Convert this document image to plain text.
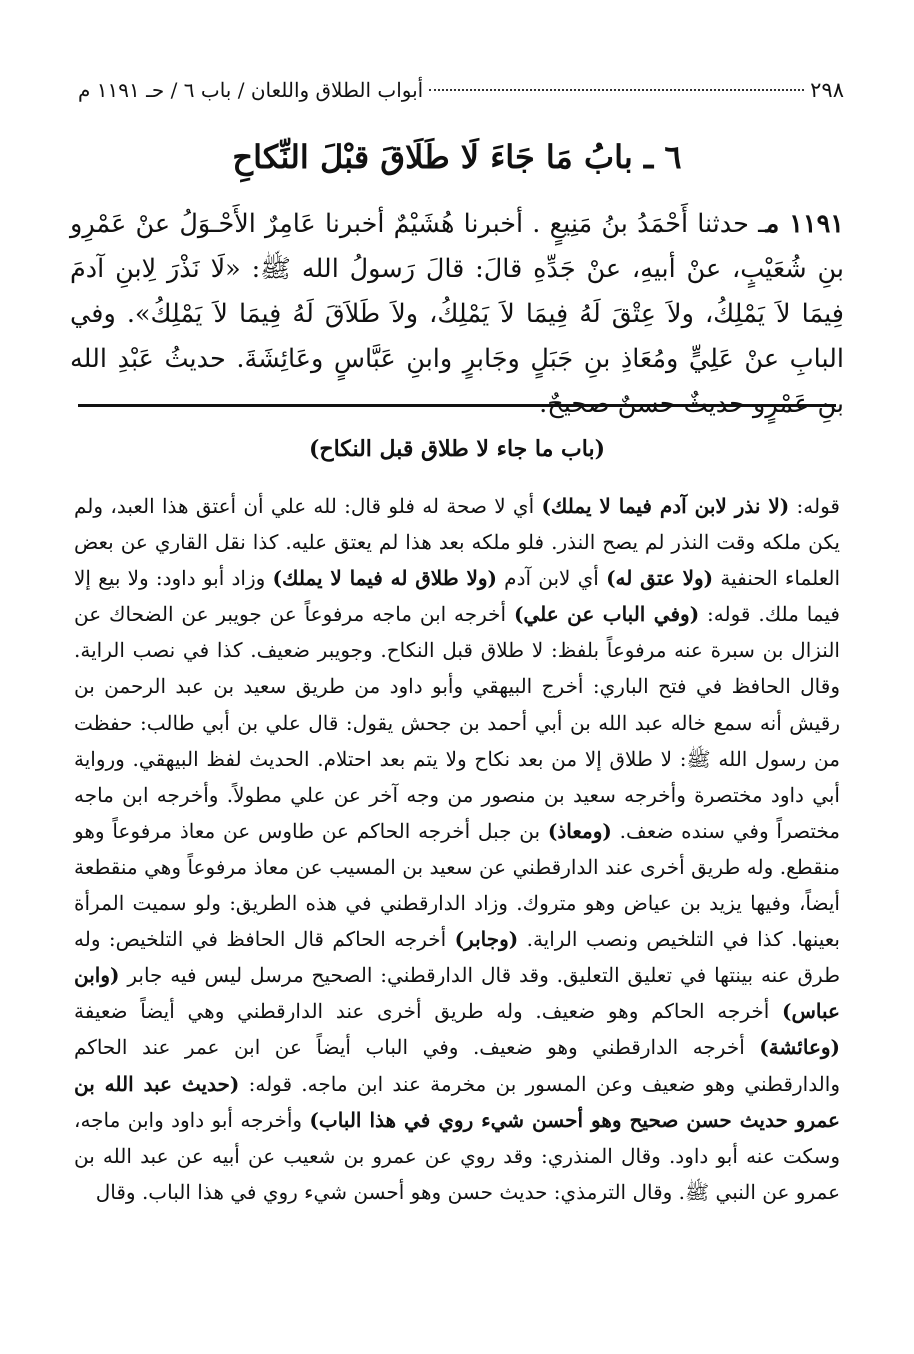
٢٩٨
أبواب الطلاق واللعان / باب ٦ / حـ ١١٩١ م
٦ ـ بابُ مَا جَاءَ لَا طَلَاقَ قبْلَ النِّكاحِ
١١٩١ مـ حدثنا أَحْمَدُ بنُ مَنِيعٍ . أخبرنا هُشَيْمٌ أخبرنا عَامِرٌ الأَحْـوَلُ عنْ عَمْرِو بنِ شُعَيْبٍ، عنْ أبيهِ، عنْ جَدِّهِ قالَ: قالَ رَسولُ الله ﷺ: «لَا نَذْرَ لِابنِ آدمَ فِيمَا لاَ يَمْلِكُ، ولاَ عِتْقَ لَهُ فِيمَا لاَ يَمْلِكُ، ولاَ طَلاَقَ لَهُ فِيمَا لاَ يَمْلِكُ». وفي البابِ عنْ عَلِيٍّ ومُعَاذِ بنِ جَبَلٍ وجَابرٍ وابنِ عَبَّاسٍ وعَائِشَةَ. حديثُ عَبْدِ الله بنِ عَمْرٍو حديثٌ حسنٌ صحيحٌ.
(باب ما جاء لا طلاق قبل النكاح)
قوله: (لا نذر لابن آدم فيما لا يملك) أي لا صحة له فلو قال: لله علي أن أعتق هذا العبد، ولم يكن ملكه وقت النذر لم يصح النذر. فلو ملكه بعد هذا لم يعتق عليه. كذا نقل القاري عن بعض العلماء الحنفية (ولا عتق له) أي لابن آدم (ولا طلاق له فيما لا يملك) وزاد أبو داود: ولا بيع إلا فيما ملك. قوله: (وفي الباب عن علي) أخرجه ابن ماجه مرفوعاً عن جويبر عن الضحاك عن النزال بن سبرة عنه مرفوعاً بلفظ: لا طلاق قبل النكاح. وجويبر ضعيف. كذا في نصب الراية. وقال الحافظ في فتح الباري: أخرج البيهقي وأبو داود من طريق سعيد بن عبد الرحمن بن رقيش أنه سمع خاله عبد الله بن أبي أحمد بن جحش يقول: قال علي بن أبي طالب: حفظت من رسول الله ﷺ: لا طلاق إلا من بعد نكاح ولا يتم بعد احتلام. الحديث لفظ البيهقي. ورواية أبي داود مختصرة وأخرجه سعيد بن منصور من وجه آخر عن علي مطولاً. وأخرجه ابن ماجه مختصراً وفي سنده ضعف. (ومعاذ) بن جبل أخرجه الحاكم عن طاوس عن معاذ مرفوعاً وهو منقطع. وله طريق أخرى عند الدارقطني عن سعيد بن المسيب عن معاذ مرفوعاً وهي منقطعة أيضاً، وفيها يزيد بن عياض وهو متروك. وزاد الدارقطني في هذه الطريق: ولو سميت المرأة بعينها. كذا في التلخيص ونصب الراية. (وجابر) أخرجه الحاكم قال الحافظ في التلخيص: وله طرق عنه بينتها في تعليق التعليق. وقد قال الدارقطني: الصحيح مرسل ليس فيه جابر (وابن عباس) أخرجه الحاكم وهو ضعيف. وله طريق أخرى عند الدارقطني وهي أيضاً ضعيفة (وعائشة) أخرجه الدارقطني وهو ضعيف. وفي الباب أيضاً عن ابن عمر عند الحاكم والدارقطني وهو ضعيف وعن المسور بن مخرمة عند ابن ماجه. قوله: (حديث عبد الله بن عمرو حديث حسن صحيح وهو أحسن شيء روي في هذا الباب) وأخرجه أبو داود وابن ماجه، وسكت عنه أبو داود. وقال المنذري: وقد روي عن عمرو بن شعيب عن أبيه عن عبد الله بن عمرو عن النبي ﷺ. وقال الترمذي: حديث حسن وهو أحسن شيء روي في هذا الباب. وقال
